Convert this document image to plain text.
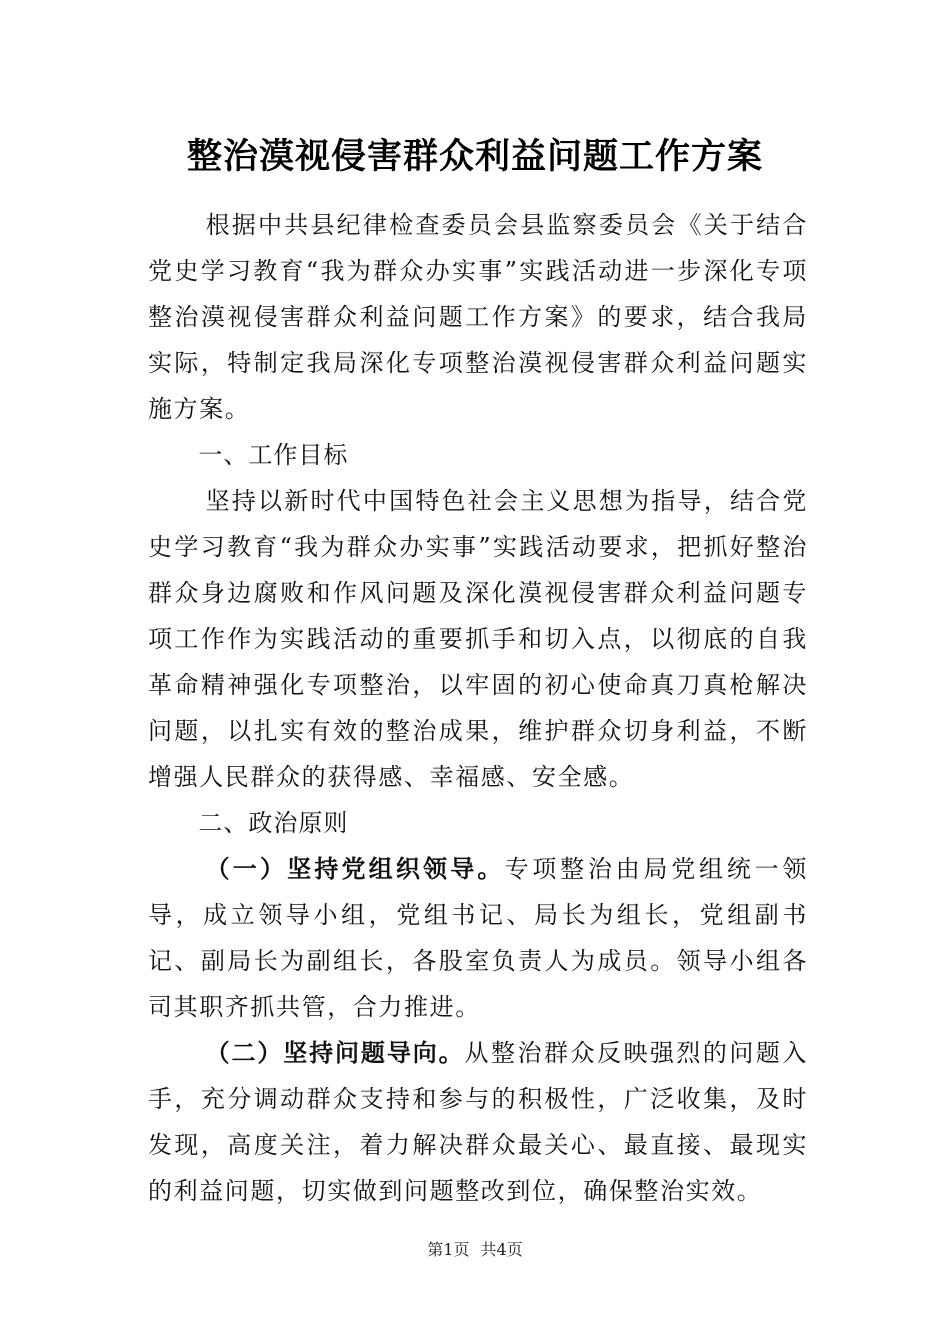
整治漠视侵害群众利益问题工作方案

根据中共县纪律检查委员会县监察委员会《关于结合党史学习教育“我为群众办实事”实践活动进一步深化专项整治漠视侵害群众利益问题工作方案》的要求，结合我局实际，特制定我局深化专项整治漠视侵害群众利益问题实施方案。

一、工作目标

坚持以新时代中国特色社会主义思想为指导，结合党史学习教育“我为群众办实事”实践活动要求，把抓好整治群众身边腐败和作风问题及深化漠视侵害群众利益问题专项工作作为实践活动的重要抓手和切入点，以彻底的自我革命精神强化专项整治，以牢固的初心使命真刀真枪解决问题，以扎实有效的整治成果，维护群众切身利益，不断增强人民群众的获得感、幸福感、安全感。

二、政治原则

（一）坚持党组织领导。专项整治由局党组统一领导，成立领导小组，党组书记、局长为组长，党组副书记、副局长为副组长，各股室负责人为成员。领导小组各司其职齐抓共管，合力推进。

（二）坚持问题导向。从整治群众反映强烈的问题入手，充分调动群众支持和参与的积极性，广泛收集，及时发现，高度关注，着力解决群众最关心、最直接、最现实的利益问题，切实做到问题整改到位，确保整治实效。

第1页 共4页
